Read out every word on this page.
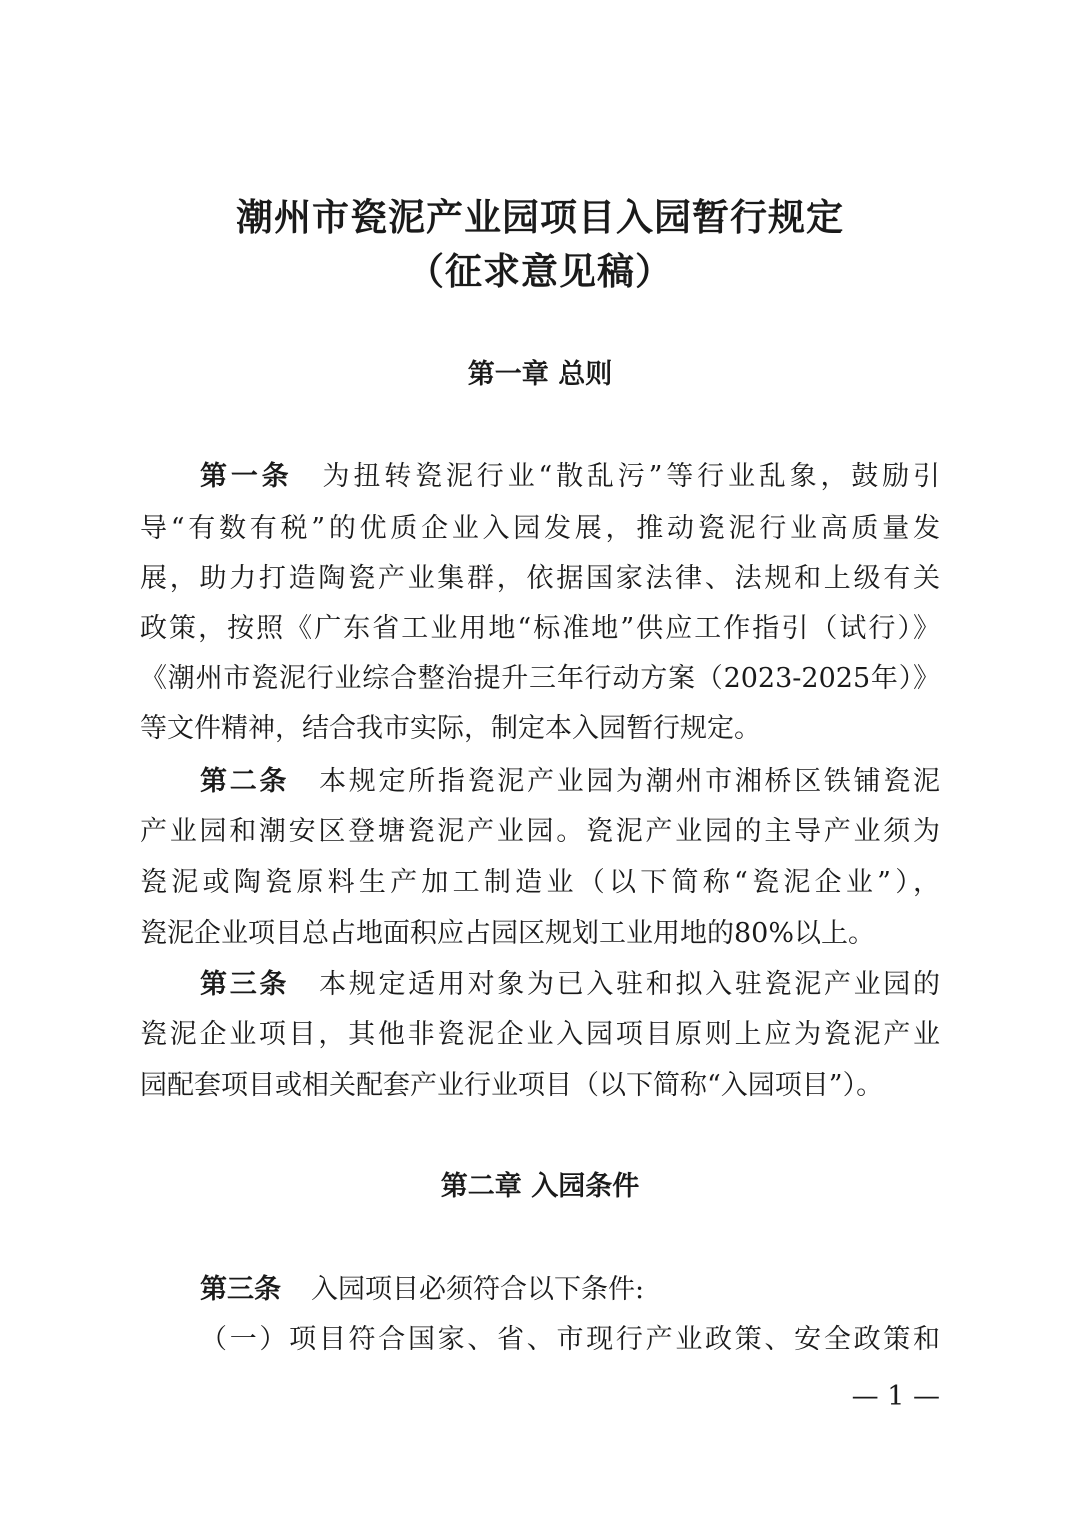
潮州市瓷泥产业园项目入园暂行规定
（征求意见稿）
第一章 总则
第一条 为扭转瓷泥行业“散乱污”等行业乱象，鼓励引
导“有数有税”的优质企业入园发展，推动瓷泥行业高质量发
展，助力打造陶瓷产业集群，依据国家法律、法规和上级有关
政策，按照《广东省工业用地“标准地”供应工作指引（试行）》
《潮州市瓷泥行业综合整治提升三年行动方案（2023-2025年）》
等文件精神，结合我市实际，制定本入园暂行规定。
第二条 本规定所指瓷泥产业园为潮州市湘桥区铁铺瓷泥
产业园和潮安区登塘瓷泥产业园。瓷泥产业园的主导产业须为
瓷泥或陶瓷原料生产加工制造业（以下简称“瓷泥企业”），
瓷泥企业项目总占地面积应占园区规划工业用地的80%以上。
第三条 本规定适用对象为已入驻和拟入驻瓷泥产业园的
瓷泥企业项目，其他非瓷泥企业入园项目原则上应为瓷泥产业
园配套项目或相关配套产业行业项目（以下简称“入园项目”）。
第二章 入园条件
第三条 入园项目必须符合以下条件:
（一）项目符合国家、省、市现行产业政策、安全政策和
— 1 —
